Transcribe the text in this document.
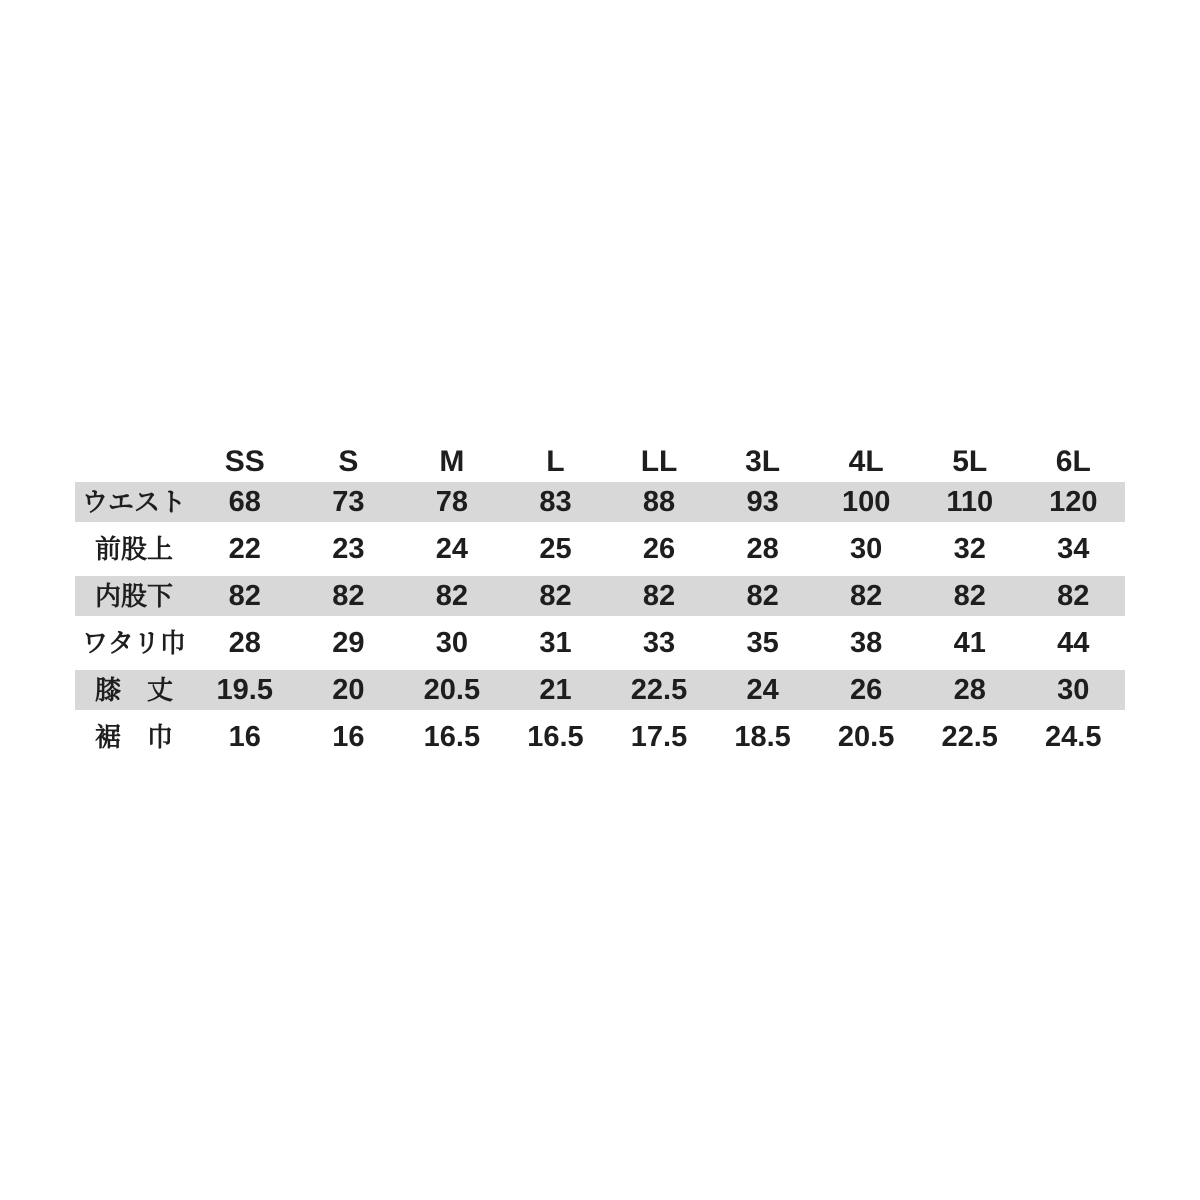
SS	S	M	L	LL	3L	4L	5L	6L
ウエスト	68	73	78	83	88	93	100	110	120
前股上	22	23	24	25	26	28	30	32	34
内股下	82	82	82	82	82	82	82	82	82
ワタリ巾	28	29	30	31	33	35	38	41	44
膝　丈	19.5	20	20.5	21	22.5	24	26	28	30
裾　巾	16	16	16.5	16.5	17.5	18.5	20.5	22.5	24.5
